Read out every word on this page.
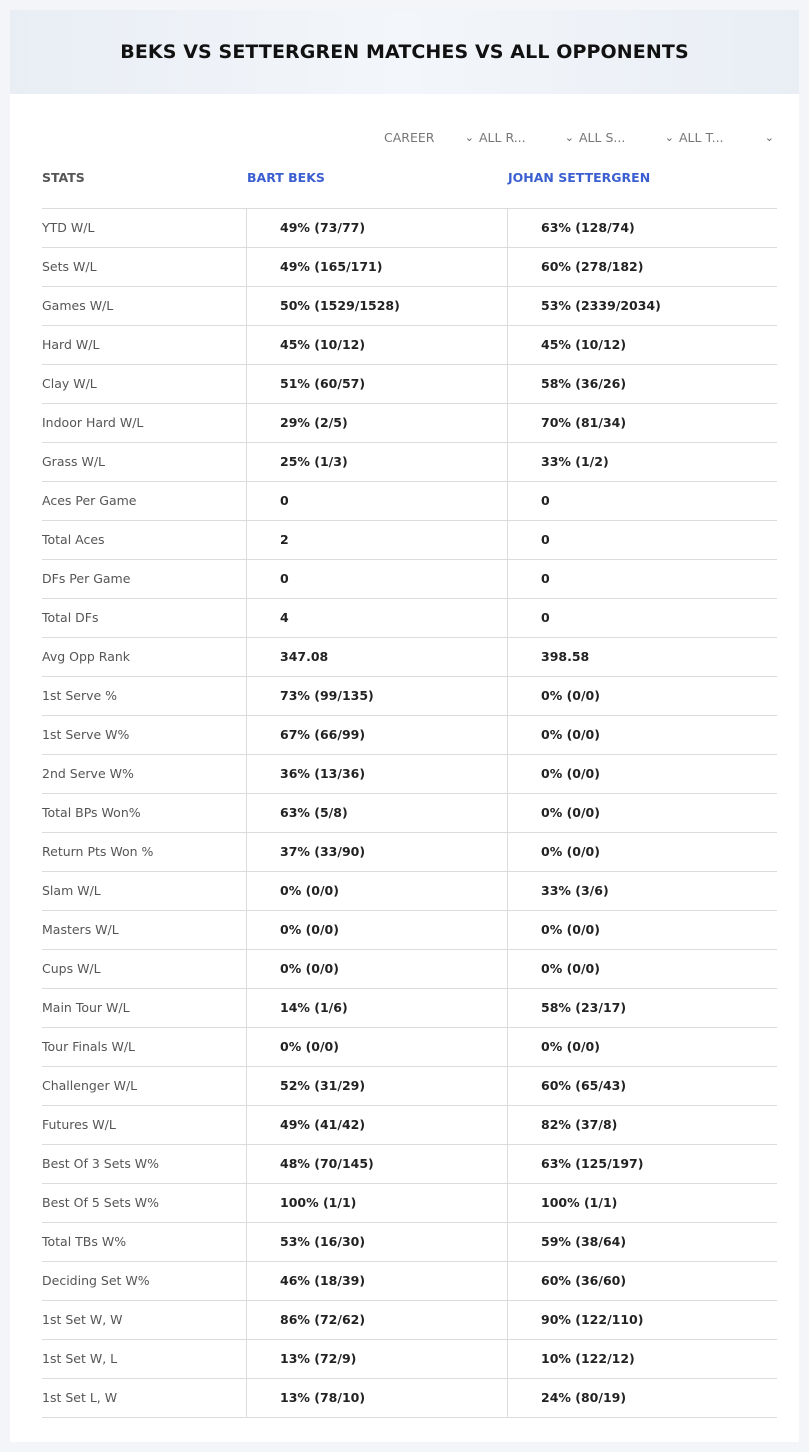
BEKS VS SETTERGREN MATCHES VS ALL OPPONENTS
CAREER	⌄ ALL R...	⌄ ALL S...	⌄ ALL T...	⌄
STATS	BART BEKS	JOHAN SETTERGREN
YTD W/L	49% (73/77)	63% (128/74)
Sets W/L	49% (165/171)	60% (278/182)
Games W/L	50% (1529/1528)	53% (2339/2034)
Hard W/L	45% (10/12)	45% (10/12)
Clay W/L	51% (60/57)	58% (36/26)
Indoor Hard W/L	29% (2/5)	70% (81/34)
Grass W/L	25% (1/3)	33% (1/2)
Aces Per Game	0	0
Total Aces	2	0
DFs Per Game	0	0
Total DFs	4	0
Avg Opp Rank	347.08	398.58
1st Serve %	73% (99/135)	0% (0/0)
1st Serve W%	67% (66/99)	0% (0/0)
2nd Serve W%	36% (13/36)	0% (0/0)
Total BPs Won%	63% (5/8)	0% (0/0)
Return Pts Won %	37% (33/90)	0% (0/0)
Slam W/L	0% (0/0)	33% (3/6)
Masters W/L	0% (0/0)	0% (0/0)
Cups W/L	0% (0/0)	0% (0/0)
Main Tour W/L	14% (1/6)	58% (23/17)
Tour Finals W/L	0% (0/0)	0% (0/0)
Challenger W/L	52% (31/29)	60% (65/43)
Futures W/L	49% (41/42)	82% (37/8)
Best Of 3 Sets W%	48% (70/145)	63% (125/197)
Best Of 5 Sets W%	100% (1/1)	100% (1/1)
Total TBs W%	53% (16/30)	59% (38/64)
Deciding Set W%	46% (18/39)	60% (36/60)
1st Set W, W	86% (72/62)	90% (122/110)
1st Set W, L	13% (72/9)	10% (122/12)
1st Set L, W	13% (78/10)	24% (80/19)
